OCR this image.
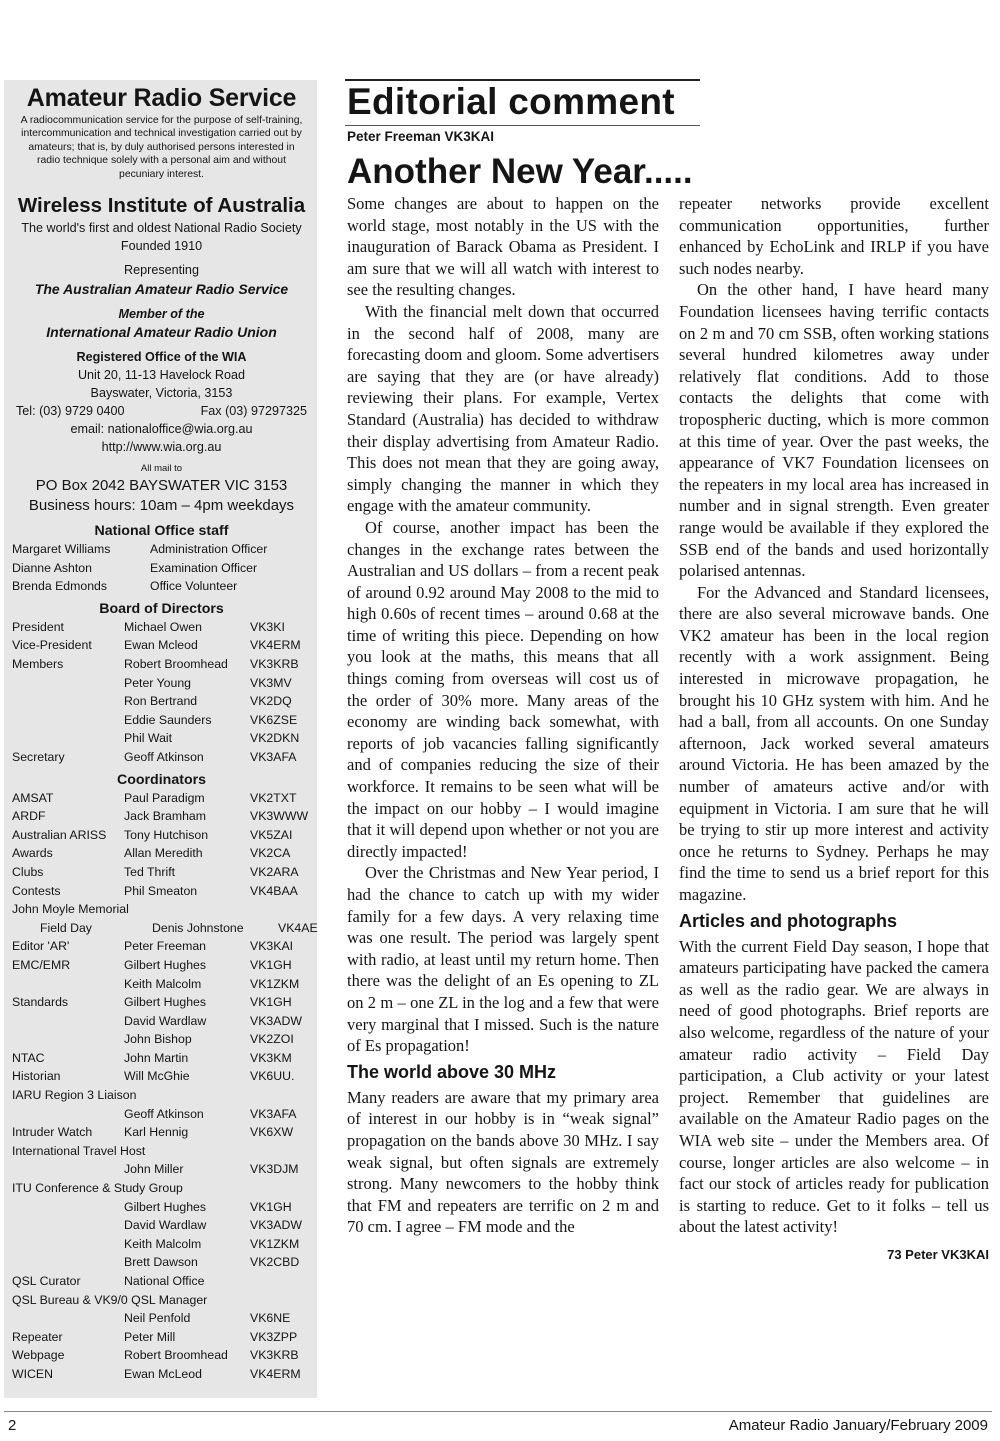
Amateur Radio Service
A radiocommunication service for the purpose of self-training, intercommunication and technical investigation carried out by amateurs; that is, by duly authorised persons interested in radio technique solely with a personal aim and without pecuniary interest.
Wireless Institute of Australia
The world's first and oldest National Radio Society
Founded 1910
Representing
The Australian Amateur Radio Service
Member of the
International Amateur Radio Union
Registered Office of the WIA
Unit 20, 11-13 Havelock Road
Bayswater, Victoria, 3153
Tel: (03) 9729 0400	Fax (03) 97297325
email: nationaloffice@wia.org.au
http://www.wia.org.au
All mail to
PO Box 2042 BAYSWATER VIC 3153
Business hours: 10am – 4pm weekdays
National Office staff
Margaret Williams	Administration Officer
Dianne Ashton	Examination Officer
Brenda Edmonds	Office Volunteer
Board of Directors
President	Michael Owen	VK3KI
Vice-President	Ewan Mcleod	VK4ERM
Members	Robert Broomhead	VK3KRB
Peter Young	VK3MV
Ron Bertrand	VK2DQ
Eddie Saunders	VK6ZSE
Phil Wait	VK2DKN
Secretary	Geoff Atkinson	VK3AFA
Coordinators
AMSAT	Paul Paradigm	VK2TXT
ARDF	Jack Bramham	VK3WWW
Australian ARISS	Tony Hutchison	VK5ZAI
Awards	Allan Meredith	VK2CA
Clubs	Ted Thrift	VK2ARA
Contests	Phil Smeaton	VK4BAA
John Moyle Memorial
Field Day	Denis Johnstone	VK4AE
Editor 'AR'	Peter Freeman	VK3KAI
EMC/EMR	Gilbert Hughes	VK1GH
Keith Malcolm	VK1ZKM
Standards	Gilbert Hughes	VK1GH
David Wardlaw	VK3ADW
John Bishop	VK2ZOI
NTAC	John Martin	VK3KM
Historian	Will McGhie	VK6UU.
IARU Region 3 Liaison
Geoff Atkinson	VK3AFA
Intruder Watch	Karl Hennig	VK6XW
International Travel Host
John Miller	VK3DJM
ITU Conference & Study Group
Gilbert Hughes	VK1GH
David Wardlaw	VK3ADW
Keith Malcolm	VK1ZKM
Brett Dawson	VK2CBD
QSL Curator	National Office
QSL Bureau & VK9/0 QSL Manager
Neil Penfold	VK6NE
Repeater	Peter Mill	VK3ZPP
Webpage	Robert Broomhead	VK3KRB
WICEN	Ewan McLeod	VK4ERM
Editorial comment
Peter Freeman VK3KAI
Another New Year.....

Some changes are about to happen on the world stage, most notably in the US with the inauguration of Barack Obama as President. I am sure that we will all watch with interest to see the resulting changes.

With the financial melt down that occurred in the second half of 2008, many are forecasting doom and gloom. Some advertisers are saying that they are (or have already) reviewing their plans. For example, Vertex Standard (Australia) has decided to withdraw their display advertising from Amateur Radio. This does not mean that they are going away, simply changing the manner in which they engage with the amateur community.

Of course, another impact has been the changes in the exchange rates between the Australian and US dollars – from a recent peak of around 0.92 around May 2008 to the mid to high 0.60s of recent times – around 0.68 at the time of writing this piece. Depending on how you look at the maths, this means that all things coming from overseas will cost us of the order of 30% more. Many areas of the economy are winding back somewhat, with reports of job vacancies falling significantly and of companies reducing the size of their workforce. It remains to be seen what will be the impact on our hobby – I would imagine that it will depend upon whether or not you are directly impacted!

Over the Christmas and New Year period, I had the chance to catch up with my wider family for a few days. A very relaxing time was one result. The period was largely spent with radio, at least until my return home. Then there was the delight of an Es opening to ZL on 2 m – one ZL in the log and a few that were very marginal that I missed. Such is the nature of Es propagation!

The world above 30 MHz

Many readers are aware that my primary area of interest in our hobby is in “weak signal” propagation on the bands above 30 MHz. I say weak signal, but often signals are extremely strong. Many newcomers to the hobby think that FM and repeaters are terrific on 2 m and 70 cm. I agree – FM mode and the

repeater networks provide excellent communication opportunities, further enhanced by EchoLink and IRLP if you have such nodes nearby.

On the other hand, I have heard many Foundation licensees having terrific contacts on 2 m and 70 cm SSB, often working stations several hundred kilometres away under relatively flat conditions. Add to those contacts the delights that come with tropospheric ducting, which is more common at this time of year. Over the past weeks, the appearance of VK7 Foundation licensees on the repeaters in my local area has increased in number and in signal strength. Even greater range would be available if they explored the SSB end of the bands and used horizontally polarised antennas.

For the Advanced and Standard licensees, there are also several microwave bands. One VK2 amateur has been in the local region recently with a work assignment. Being interested in microwave propagation, he brought his 10 GHz system with him. And he had a ball, from all accounts. On one Sunday afternoon, Jack worked several amateurs around Victoria. He has been amazed by the number of amateurs active and/or with equipment in Victoria. I am sure that he will be trying to stir up more interest and activity once he returns to Sydney. Perhaps he may find the time to send us a brief report for this magazine.

Articles and photographs

With the current Field Day season, I hope that amateurs participating have packed the camera as well as the radio gear. We are always in need of good photographs. Brief reports are also welcome, regardless of the nature of your amateur radio activity – Field Day participation, a Club activity or your latest project. Remember that guidelines are available on the Amateur Radio pages on the WIA web site – under the Members area. Of course, longer articles are also welcome – in fact our stock of articles ready for publication is starting to reduce. Get to it folks – tell us about the latest activity!

73 Peter VK3KAI
2	Amateur Radio January/February 2009
